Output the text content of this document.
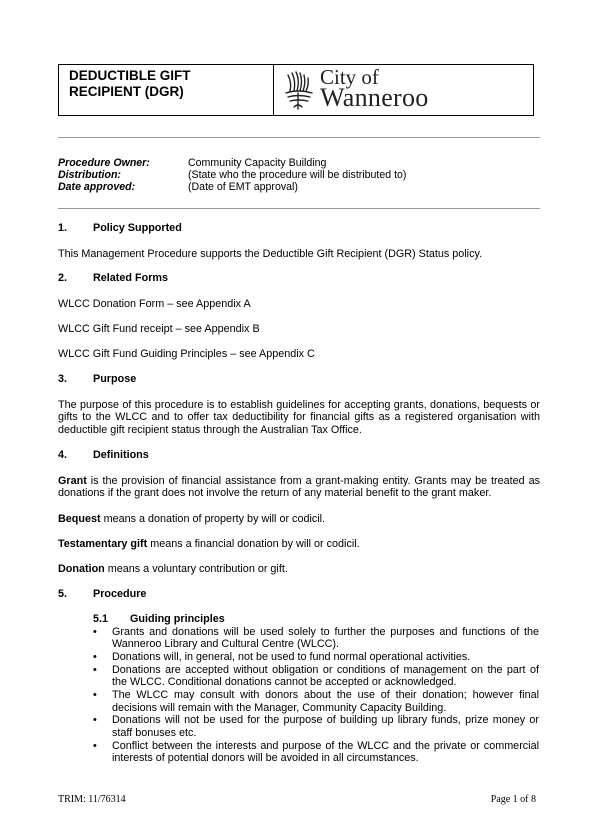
DEDUCTIBLE GIFT
RECIPIENT (DGR)
City of
Wanneroo
Procedure Owner:	Community Capacity Building
Distribution:	(State who the procedure will be distributed to)
Date approved:	(Date of EMT approval)
1. Policy Supported
This Management Procedure supports the Deductible Gift Recipient (DGR) Status policy.
2. Related Forms
WLCC Donation Form – see Appendix A
WLCC Gift Fund receipt – see Appendix B
WLCC Gift Fund Guiding Principles – see Appendix C
3. Purpose
The purpose of this procedure is to establish guidelines for accepting grants, donations, bequests or gifts to the WLCC and to offer tax deductibility for financial gifts as a registered organisation with deductible gift recipient status through the Australian Tax Office.
4. Definitions
Grant is the provision of financial assistance from a grant-making entity. Grants may be treated as donations if the grant does not involve the return of any material benefit to the grant maker.
Bequest means a donation of property by will or codicil.
Testamentary gift means a financial donation by will or codicil.
Donation means a voluntary contribution or gift.
5. Procedure
5.1 Guiding principles
• Grants and donations will be used solely to further the purposes and functions of the Wanneroo Library and Cultural Centre (WLCC).
• Donations will, in general, not be used to fund normal operational activities.
• Donations are accepted without obligation or conditions of management on the part of the WLCC. Conditional donations cannot be accepted or acknowledged.
• The WLCC may consult with donors about the use of their donation; however final decisions will remain with the Manager, Community Capacity Building.
• Donations will not be used for the purpose of building up library funds, prize money or staff bonuses etc.
• Conflict between the interests and purpose of the WLCC and the private or commercial interests of potential donors will be avoided in all circumstances.
TRIM: 11/76314	Page 1 of 8
